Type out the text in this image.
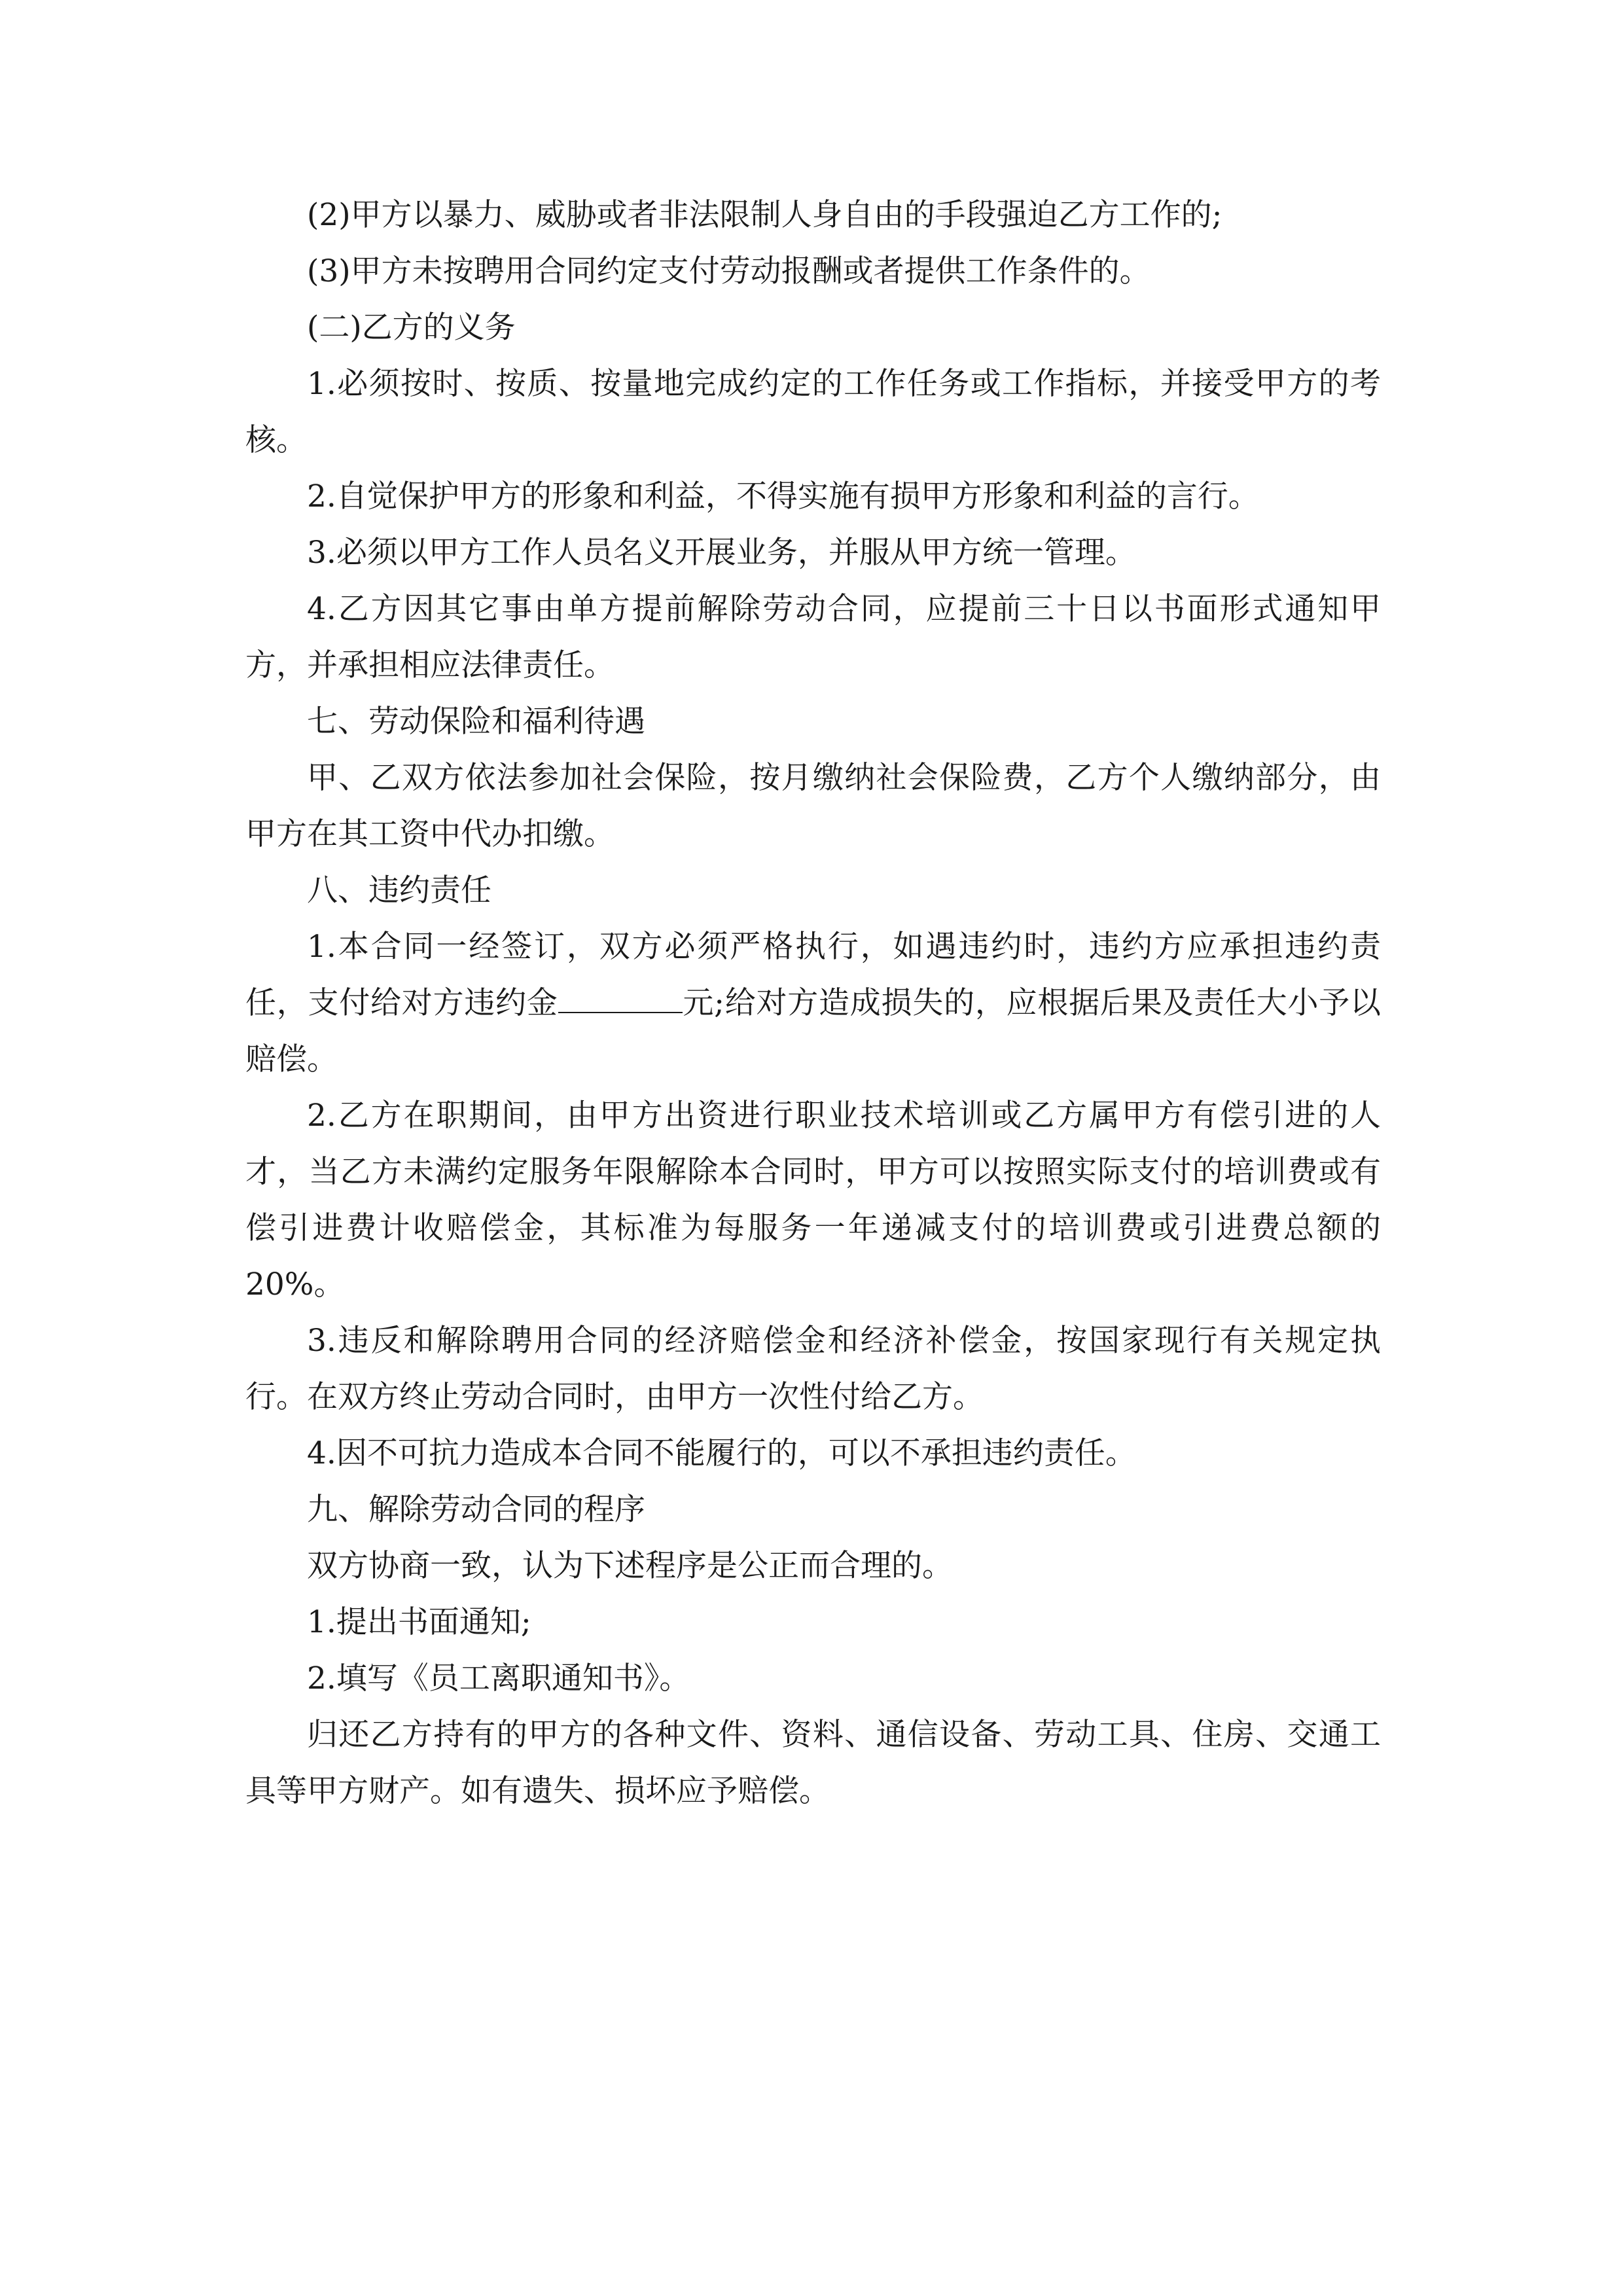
(2)甲方以暴力、威胁或者非法限制人身自由的手段强迫乙方工作的;

(3)甲方未按聘用合同约定支付劳动报酬或者提供工作条件的。

(二)乙方的义务

1.必须按时、按质、按量地完成约定的工作任务或工作指标，并接受甲方的考核。

2.自觉保护甲方的形象和利益，不得实施有损甲方形象和利益的言行。

3.必须以甲方工作人员名义开展业务，并服从甲方统一管理。

4.乙方因其它事由单方提前解除劳动合同，应提前三十日以书面形式通知甲方，并承担相应法律责任。

七、劳动保险和福利待遇

甲、乙双方依法参加社会保险，按月缴纳社会保险费，乙方个人缴纳部分，由甲方在其工资中代办扣缴。

八、违约责任

1.本合同一经签订，双方必须严格执行，如遇违约时，违约方应承担违约责任，支付给对方违约金	元;给对方造成损失的，应根据后果及责任大小予以赔偿。

2.乙方在职期间，由甲方出资进行职业技术培训或乙方属甲方有偿引进的人才，当乙方未满约定服务年限解除本合同时，甲方可以按照实际支付的培训费或有偿引进费计收赔偿金，其标准为每服务一年递减支付的培训费或引进费总额的20%。

3.违反和解除聘用合同的经济赔偿金和经济补偿金，按国家现行有关规定执行。在双方终止劳动合同时，由甲方一次性付给乙方。

4.因不可抗力造成本合同不能履行的，可以不承担违约责任。

九、解除劳动合同的程序

双方协商一致，认为下述程序是公正而合理的。

1.提出书面通知;

2.填写《员工离职通知书》。

归还乙方持有的甲方的各种文件、资料、通信设备、劳动工具、住房、交通工具等甲方财产。如有遗失、损坏应予赔偿。
